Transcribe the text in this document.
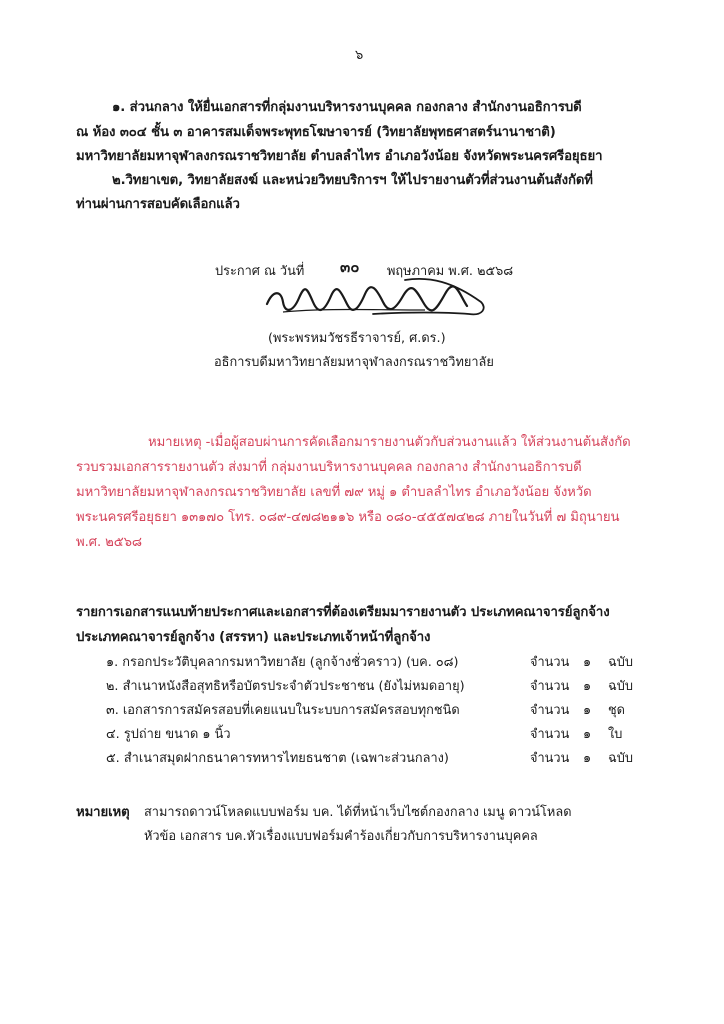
๖
๑. ส่วนกลาง ให้ยื่นเอกสารที่กลุ่มงานบริหารงานบุคคล กองกลาง สำนักงานอธิการบดี
ณ ห้อง ๓๐๔ ชั้น ๓ อาคารสมเด็จพระพุทธโฆษาจารย์ (วิทยาลัยพุทธศาสตร์นานาชาติ)
มหาวิทยาลัยมหาจุฬาลงกรณราชวิทยาลัย ตำบลลำไทร อำเภอวังน้อย จังหวัดพระนครศรีอยุธยา
๒.วิทยาเขต, วิทยาลัยสงฆ์ และหน่วยวิทยบริการฯ ให้ไปรายงานตัวที่ส่วนงานต้นสังกัดที่
ท่านผ่านการสอบคัดเลือกแล้ว
ประกาศ ณ วันที่ ๓๐ พฤษภาคม พ.ศ. ๒๕๖๘
(พระพรหมวัชรธีราจารย์, ศ.ดร.)
อธิการบดีมหาวิทยาลัยมหาจุฬาลงกรณราชวิทยาลัย
หมายเหตุ -เมื่อผู้สอบผ่านการคัดเลือกมารายงานตัวกับส่วนงานแล้ว ให้ส่วนงานต้นสังกัด
รวบรวมเอกสารรายงานตัว ส่งมาที่ กลุ่มงานบริหารงานบุคคล กองกลาง สำนักงานอธิการบดี
มหาวิทยาลัยมหาจุฬาลงกรณราชวิทยาลัย เลขที่ ๗๙ หมู่ ๑ ตำบลลำไทร อำเภอวังน้อย จังหวัด
พระนครศรีอยุธยา ๑๓๑๗๐ โทร. ๐๘๙-๔๗๘๒๑๑๖ หรือ ๐๘๐-๔๕๕๗๔๒๘ ภายในวันที่ ๗ มิถุนายน
พ.ศ. ๒๕๖๘
รายการเอกสารแนบท้ายประกาศและเอกสารที่ต้องเตรียมมารายงานตัว ประเภทคณาจารย์ลูกจ้าง
ประเภทคณาจารย์ลูกจ้าง (สรรหา) และประเภทเจ้าหน้าที่ลูกจ้าง
๑. กรอกประวัติบุคลากรมหาวิทยาลัย (ลูกจ้างชั่วคราว) (บค. ๐๘)	จำนวน ๑ ฉบับ
๒. สำเนาหนังสือสุทธิหรือบัตรประจำตัวประชาชน (ยังไม่หมดอายุ)	จำนวน ๑ ฉบับ
๓. เอกสารการสมัครสอบที่เคยแนบในระบบการสมัครสอบทุกชนิด	จำนวน ๑ ชุด
๔. รูปถ่าย ขนาด ๑ นิ้ว	จำนวน ๑ ใบ
๕. สำเนาสมุดฝากธนาคารทหารไทยธนชาต (เฉพาะส่วนกลาง)	จำนวน ๑ ฉบับ
หมายเหตุ สามารถดาวน์โหลดแบบฟอร์ม บค. ได้ที่หน้าเว็บไซต์กองกลาง เมนู ดาวน์โหลด
หัวข้อ เอกสาร บค.หัวเรื่องแบบฟอร์มคำร้องเกี่ยวกับการบริหารงานบุคคล
